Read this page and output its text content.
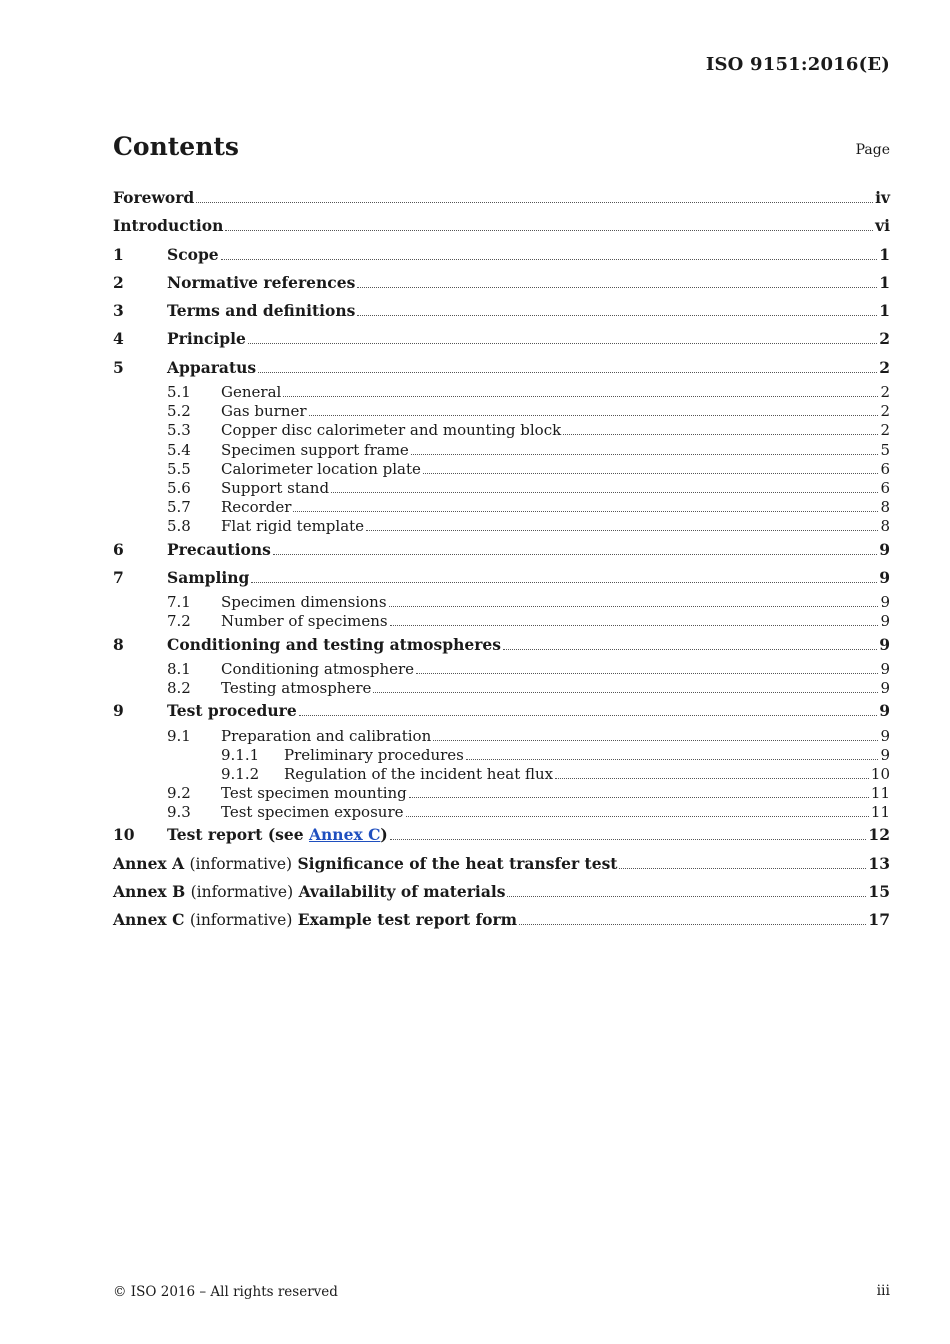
ISO 9151:2016(E)
Contents	Page
Foreword	iv
Introduction	vi
1	Scope	1
2	Normative references	1
3	Terms and definitions	1
4	Principle	2
5	Apparatus	2
5.1	General	2
5.2	Gas burner	2
5.3	Copper disc calorimeter and mounting block	2
5.4	Specimen support frame	5
5.5	Calorimeter location plate	6
5.6	Support stand	6
5.7	Recorder	8
5.8	Flat rigid template	8
6	Precautions	9
7	Sampling	9
7.1	Specimen dimensions	9
7.2	Number of specimens	9
8	Conditioning and testing atmospheres	9
8.1	Conditioning atmosphere	9
8.2	Testing atmosphere	9
9	Test procedure	9
9.1	Preparation and calibration	9
9.1.1	Preliminary procedures	9
9.1.2	Regulation of the incident heat flux	10
9.2	Test specimen mounting	11
9.3	Test specimen exposure	11
10	Test report (see Annex C)	12
Annex A (informative) Significance of the heat transfer test	13
Annex B (informative) Availability of materials	15
Annex C (informative) Example test report form	17
© ISO 2016 – All rights reserved	iii
